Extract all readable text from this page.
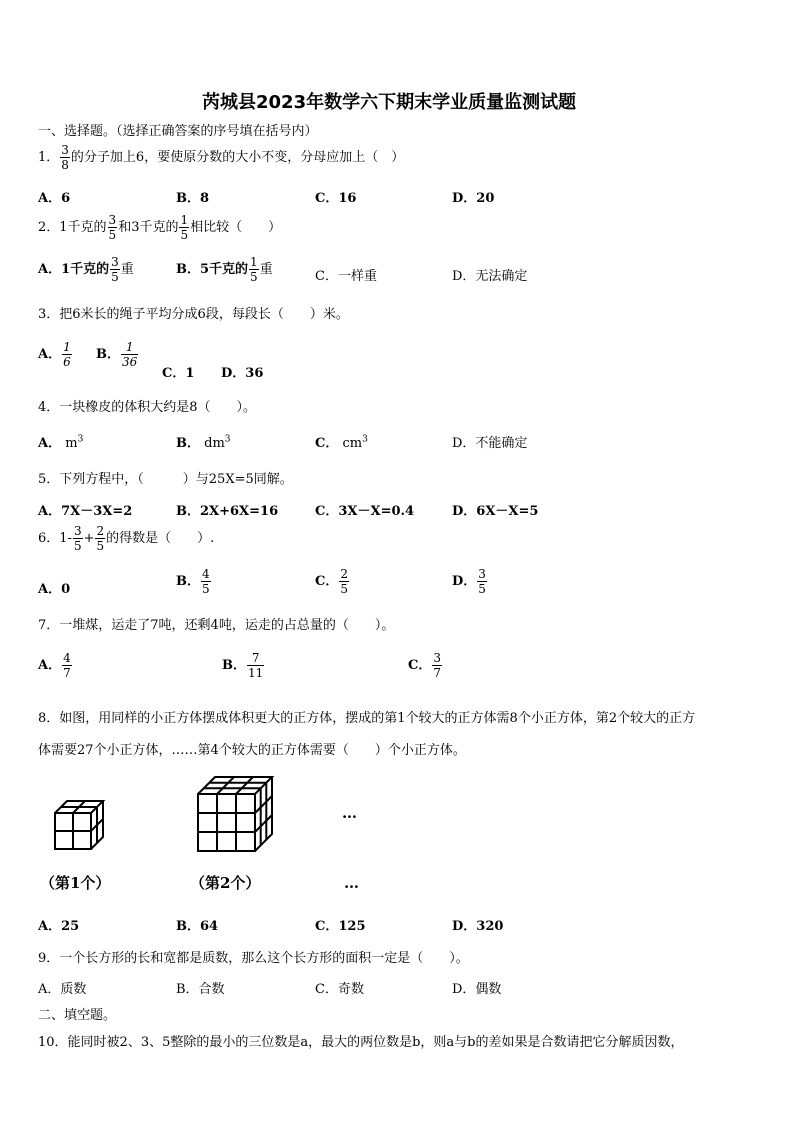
芮城县2023年数学六下期末学业质量监测试题
一、选择题。（选择正确答案的序号填在括号内）
1． $\frac{3}{8}$ 的分子加上6，要使原分数的大小不变，分母应加上（　）
A．6	B．8	C．16	D．20
2．1千克的 $\frac{3}{5}$ 和3千克的 $\frac{1}{5}$ 相比较（　　）
A．1千克的 $\frac{3}{5}$ 重	B．5千克的 $\frac{1}{5}$ 重	C．一样重	D．无法确定
3．把6米长的绳子平均分成6段，每段长（　　）米。
A． $\frac{1}{6}$ B． $\frac{1}{36}$
C．1 D．36
4．一块橡皮的体积大约是8（　　）。
A． $m^3$	B． $dm^3$	C． $cm^3$	D．不能确定
5．下列方程中，（　　　）与25X=5同解。
A．7X－3X=2	B．2X+6X=16	C．3X－X=0.4	D．6X－X=5
6．$1- \frac{3}{5} + \frac{2}{5}$ 的得数是（　　）.
A．0
B． $\frac{4}{5}$	C． $\frac{2}{5}$	D． $\frac{3}{5}$
7．一堆煤，运走了7吨，还剩4吨，运走的占总量的（　　）。
A． $\frac{4}{7}$	B． $\frac{7}{11}$	C． $\frac{3}{7}$
8．如图，用同样的小正方体摆成体积更大的正方体，摆成的第1个较大的正方体需8个小正方体，第2个较大的正方
体需要27个小正方体，……第4个较大的正方体需要（　　）个小正方体。
…
（第1个）	（第2个）	…
A．25	B．64	C．125	D．320
9．一个长方形的长和宽都是质数，那么这个长方形的面积一定是（　　）。
A．质数	B．合数	C．奇数	D．偶数
二、填空题。
10．能同时被2、3、5整除的最小的三位数是a，最大的两位数是b，则a与b的差如果是合数请把它分解质因数，
